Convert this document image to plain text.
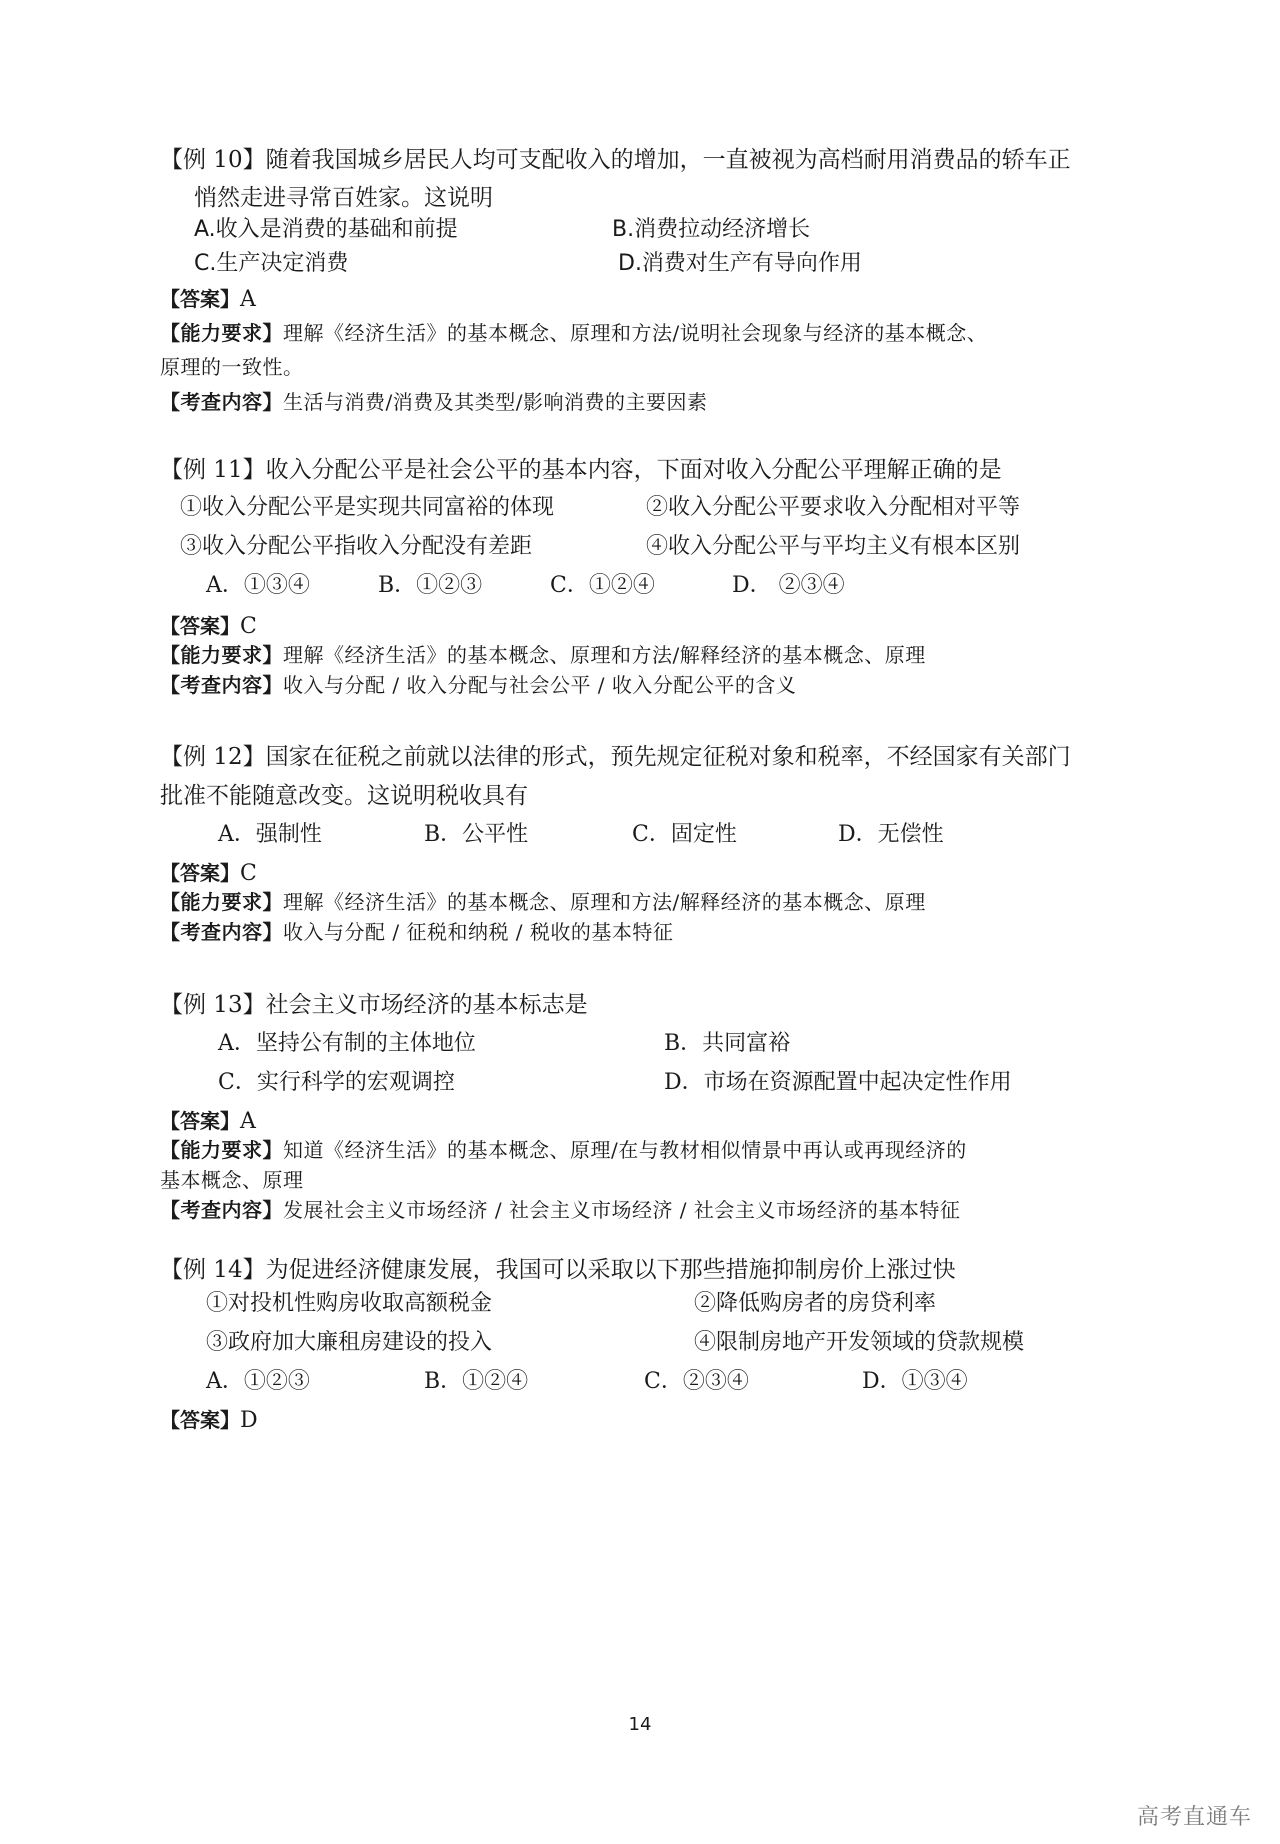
【例 10】随着我国城乡居民人均可支配收入的增加，一直被视为高档耐用消费品的轿车正
悄然走进寻常百姓家。这说明
A.收入是消费的基础和前提	B.消费拉动经济增长
C.生产决定消费	D.消费对生产有导向作用
【答案】A
【能力要求】理解《经济生活》的基本概念、原理和方法/说明社会现象与经济的基本概念、
原理的一致性。
【考查内容】生活与消费/消费及其类型/影响消费的主要因素
【例 11】收入分配公平是社会公平的基本内容，下面对收入分配公平理解正确的是
①收入分配公平是实现共同富裕的体现	②收入分配公平要求收入分配相对平等
③收入分配公平指收入分配没有差距	④收入分配公平与平均主义有根本区别
A．①③④	B．①②③	C．①②④	D． ②③④
【答案】C
【能力要求】理解《经济生活》的基本概念、原理和方法/解释经济的基本概念、原理
【考查内容】收入与分配 / 收入分配与社会公平 / 收入分配公平的含义
【例 12】国家在征税之前就以法律的形式，预先规定征税对象和税率，不经国家有关部门
批准不能随意改变。这说明税收具有
A．强制性	B．公平性	C．固定性	D．无偿性
【答案】C
【能力要求】理解《经济生活》的基本概念、原理和方法/解释经济的基本概念、原理
【考查内容】收入与分配 / 征税和纳税 / 税收的基本特征
【例 13】社会主义市场经济的基本标志是
A．坚持公有制的主体地位	B．共同富裕
C．实行科学的宏观调控	D．市场在资源配置中起决定性作用
【答案】A
【能力要求】知道《经济生活》的基本概念、原理/在与教材相似情景中再认或再现经济的
基本概念、原理
【考查内容】发展社会主义市场经济 / 社会主义市场经济 / 社会主义市场经济的基本特征
【例 14】为促进经济健康发展，我国可以采取以下那些措施抑制房价上涨过快
①对投机性购房收取高额税金	②降低购房者的房贷利率
③政府加大廉租房建设的投入	④限制房地产开发领域的贷款规模
A．①②③	B．①②④	C．②③④	D．①③④
【答案】D
14
高考直通车
